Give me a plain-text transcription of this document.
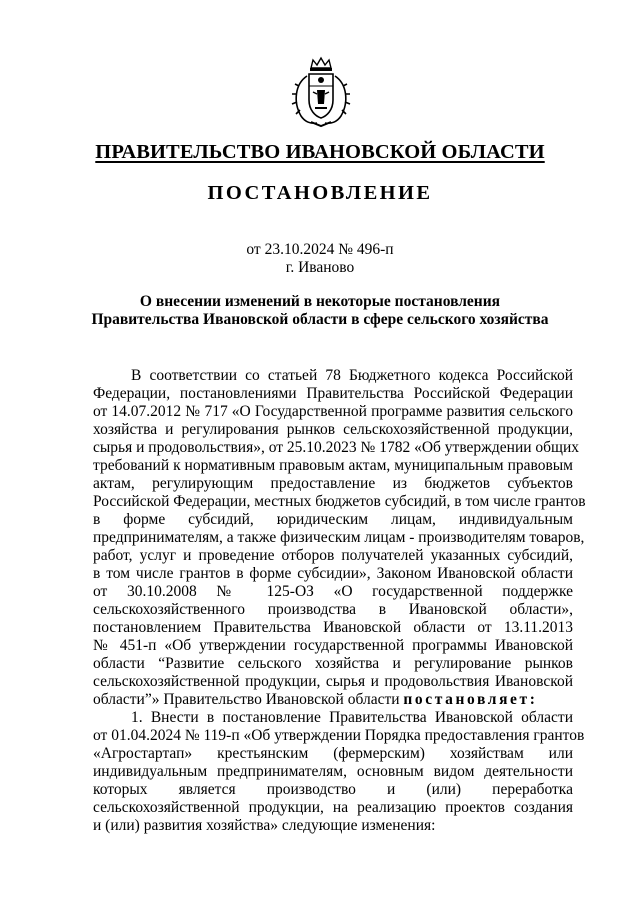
ПРАВИТЕЛЬСТВО ИВАНОВСКОЙ ОБЛАСТИ
ПОСТАНОВЛЕНИЕ
от 23.10.2024 № 496-п
г. Иваново
О внесении изменений в некоторые постановления
Правительства Ивановской области в сфере сельского хозяйства
В соответствии со статьей 78 Бюджетного кодекса Российской
Федерации, постановлениями Правительства Российской Федерации
от 14.07.2012 № 717 «О Государственной программе развития сельского
хозяйства и регулирования рынков сельскохозяйственной продукции,
сырья и продовольствия», от 25.10.2023 № 1782 «Об утверждении общих
требований к нормативным правовым актам, муниципальным правовым
актам, регулирующим предоставление из бюджетов субъектов
Российской Федерации, местных бюджетов субсидий, в том числе грантов
в форме субсидий, юридическим лицам, индивидуальным
предпринимателям, а также физическим лицам - производителям товаров,
работ, услуг и проведение отборов получателей указанных субсидий,
в том числе грантов в форме субсидии», Законом Ивановской области
от 30.10.2008 № 125-ОЗ «О государственной поддержке
сельскохозяйственного производства в Ивановской области»,
постановлением Правительства Ивановской области от 13.11.2013
№ 451-п «Об утверждении государственной программы Ивановской
области “Развитие сельского хозяйства и регулирование рынков
сельскохозяйственной продукции, сырья и продовольствия Ивановской
области”» Правительство Ивановской области постановляет:
1. Внести в постановление Правительства Ивановской области
от 01.04.2024 № 119-п «Об утверждении Порядка предоставления грантов
«Агростартап» крестьянским (фермерским) хозяйствам или
индивидуальным предпринимателям, основным видом деятельности
которых является производство и (или) переработка
сельскохозяйственной продукции, на реализацию проектов создания
и (или) развития хозяйства» следующие изменения:
